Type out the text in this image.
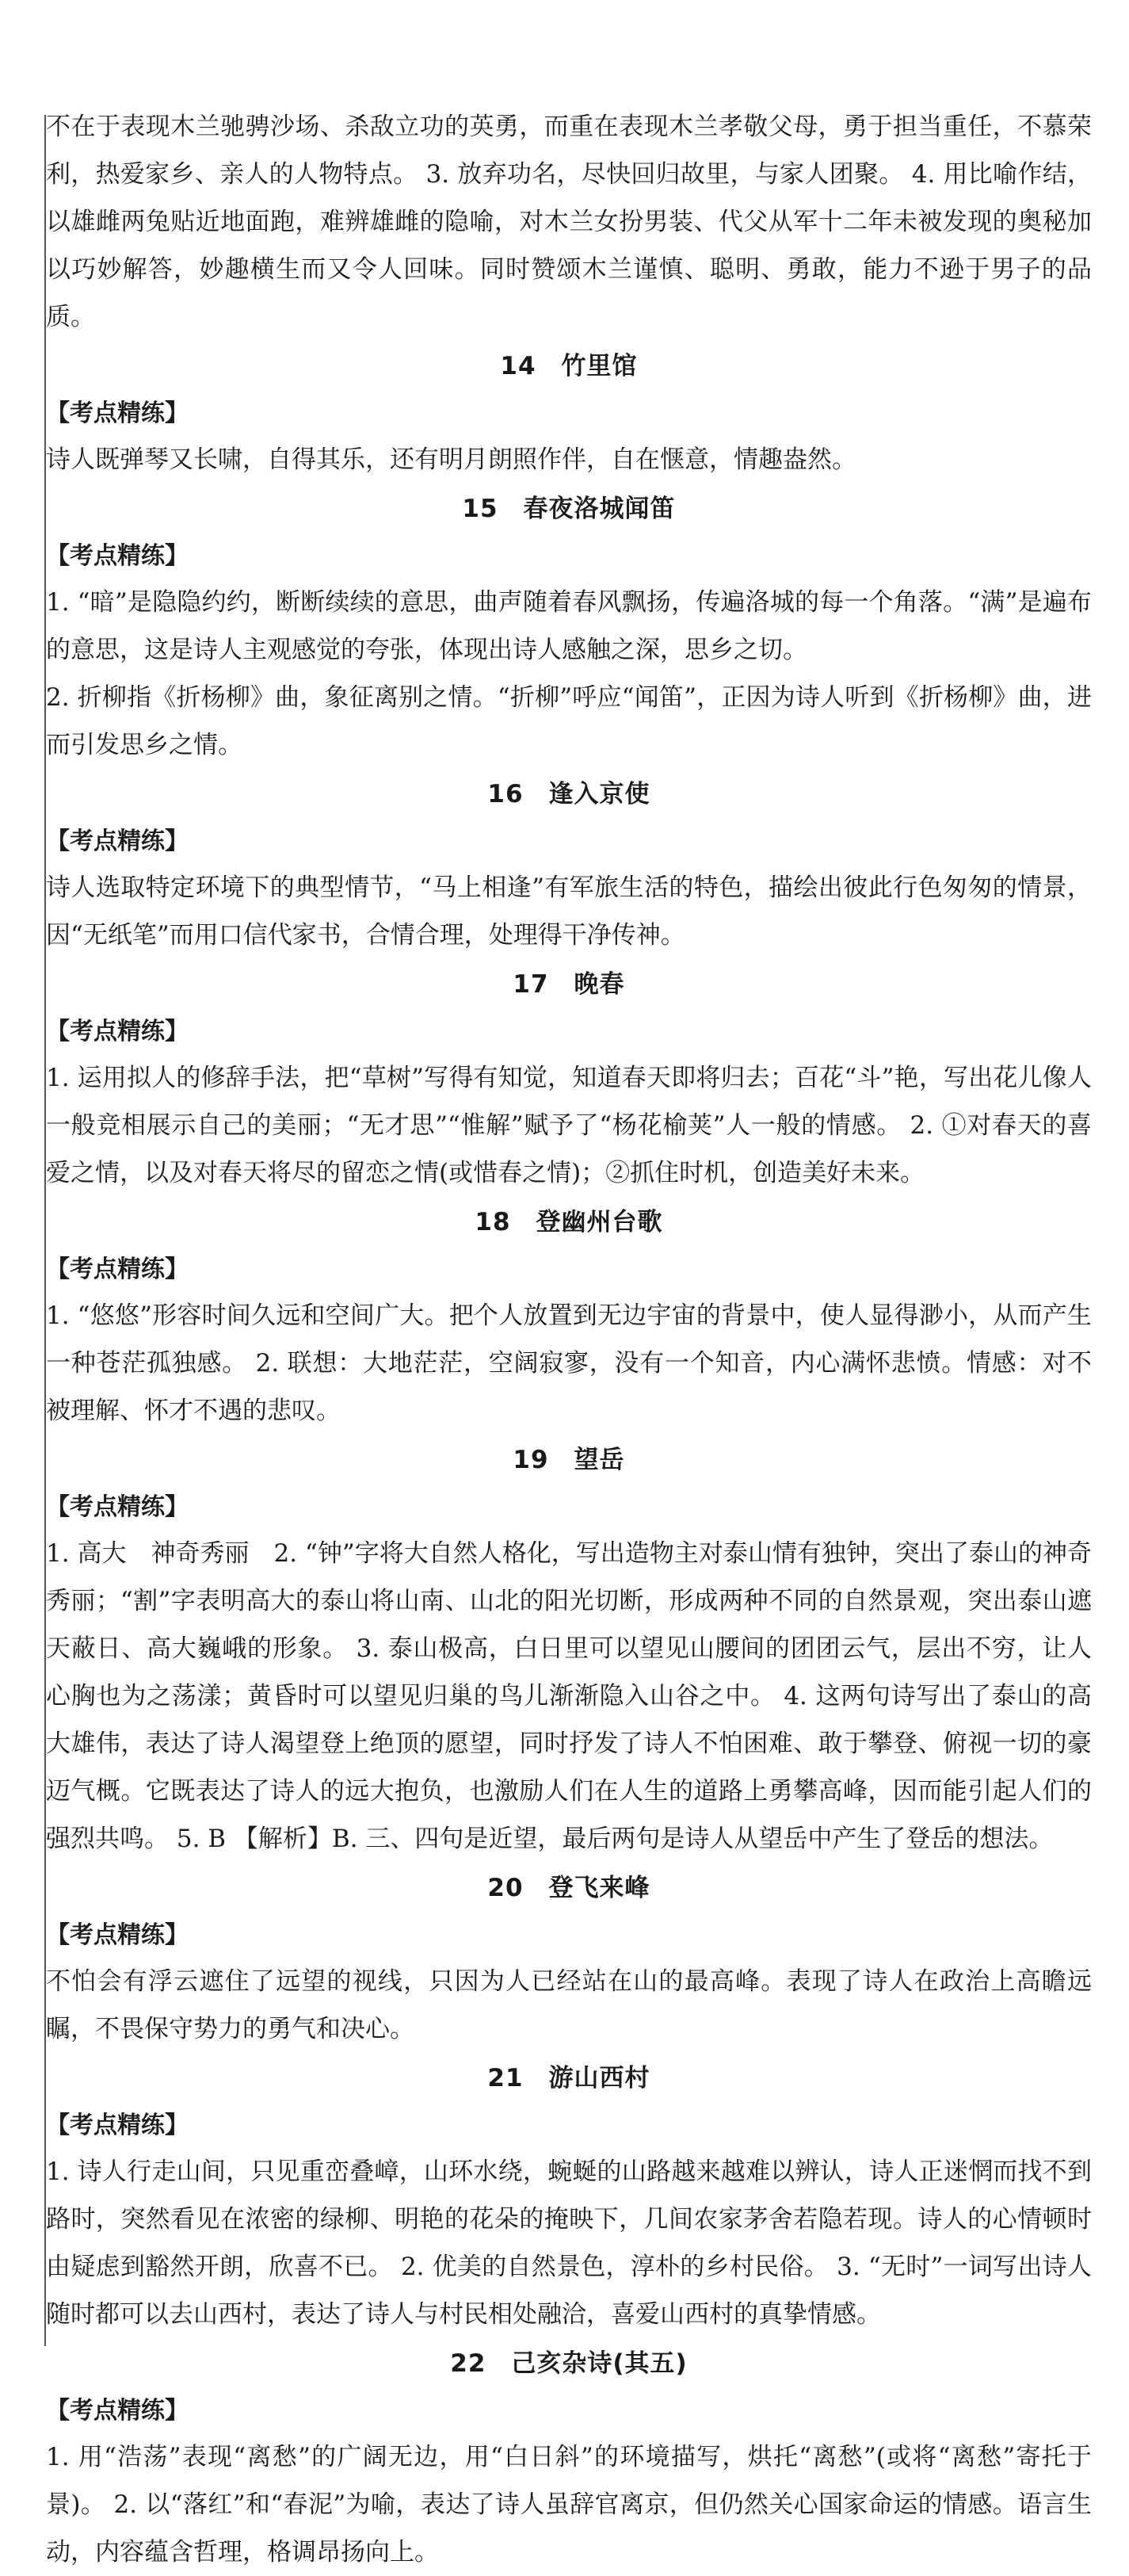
不在于表现木兰驰骋沙场、杀敌立功的英勇，而重在表现木兰孝敬父母，勇于担当重任，不慕荣利，热爱家乡、亲人的人物特点。 3. 放弃功名，尽快回归故里，与家人团聚。 4. 用比喻作结，以雄雌两兔贴近地面跑，难辨雄雌的隐喻，对木兰女扮男装、代父从军十二年未被发现的奥秘加以巧妙解答，妙趣横生而又令人回味。同时赞颂木兰谨慎、聪明、勇敢，能力不逊于男子的品质。

14　竹里馆
【考点精练】

诗人既弹琴又长啸，自得其乐，还有明月朗照作伴，自在惬意，情趣盎然。

15　春夜洛城闻笛
【考点精练】

1. “暗”是隐隐约约，断断续续的意思，曲声随着春风飘扬，传遍洛城的每一个角落。“满”是遍布的意思，这是诗人主观感觉的夸张，体现出诗人感触之深，思乡之切。

2. 折柳指《折杨柳》曲，象征离别之情。“折柳”呼应“闻笛”，正因为诗人听到《折杨柳》曲，进而引发思乡之情。

16　逢入京使
【考点精练】

诗人选取特定环境下的典型情节，“马上相逢”有军旅生活的特色，描绘出彼此行色匆匆的情景，因“无纸笔”而用口信代家书，合情合理，处理得干净传神。

17　晚春
【考点精练】

1. 运用拟人的修辞手法，把“草树”写得有知觉，知道春天即将归去；百花“斗”艳，写出花儿像人一般竞相展示自己的美丽；“无才思”“惟解”赋予了“杨花榆荚”人一般的情感。 2. ①对春天的喜爱之情，以及对春天将尽的留恋之情(或惜春之情)；②抓住时机，创造美好未来。

18　登幽州台歌
【考点精练】

1. “悠悠”形容时间久远和空间广大。把个人放置到无边宇宙的背景中，使人显得渺小，从而产生一种苍茫孤独感。 2. 联想：大地茫茫，空阔寂寥，没有一个知音，内心满怀悲愤。情感：对不被理解、怀才不遇的悲叹。

19　望岳
【考点精练】

1. 高大　神奇秀丽　2. “钟”字将大自然人格化，写出造物主对泰山情有独钟，突出了泰山的神奇秀丽；“割”字表明高大的泰山将山南、山北的阳光切断，形成两种不同的自然景观，突出泰山遮天蔽日、高大巍峨的形象。 3. 泰山极高，白日里可以望见山腰间的团团云气，层出不穷，让人心胸也为之荡漾；黄昏时可以望见归巢的鸟儿渐渐隐入山谷之中。 4. 这两句诗写出了泰山的高大雄伟，表达了诗人渴望登上绝顶的愿望，同时抒发了诗人不怕困难、敢于攀登、俯视一切的豪迈气概。它既表达了诗人的远大抱负，也激励人们在人生的道路上勇攀高峰，因而能引起人们的强烈共鸣。 5. B 【解析】B. 三、四句是近望，最后两句是诗人从望岳中产生了登岳的想法。

20　登飞来峰
【考点精练】

不怕会有浮云遮住了远望的视线，只因为人已经站在山的最高峰。表现了诗人在政治上高瞻远瞩，不畏保守势力的勇气和决心。

21　游山西村
【考点精练】

1. 诗人行走山间，只见重峦叠嶂，山环水绕，蜿蜒的山路越来越难以辨认，诗人正迷惘而找不到路时，突然看见在浓密的绿柳、明艳的花朵的掩映下，几间农家茅舍若隐若现。诗人的心情顿时由疑虑到豁然开朗，欣喜不已。 2. 优美的自然景色，淳朴的乡村民俗。 3. “无时”一词写出诗人随时都可以去山西村，表达了诗人与村民相处融洽，喜爱山西村的真挚情感。

22　己亥杂诗(其五)
【考点精练】

1. 用“浩荡”表现“离愁”的广阔无边，用“白日斜”的环境描写，烘托“离愁”(或将“离愁”寄托于景)。 2. 以“落红”和“春泥”为喻，表达了诗人虽辞官离京，但仍然关心国家命运的情感。语言生动，内容蕴含哲理，格调昂扬向上。
